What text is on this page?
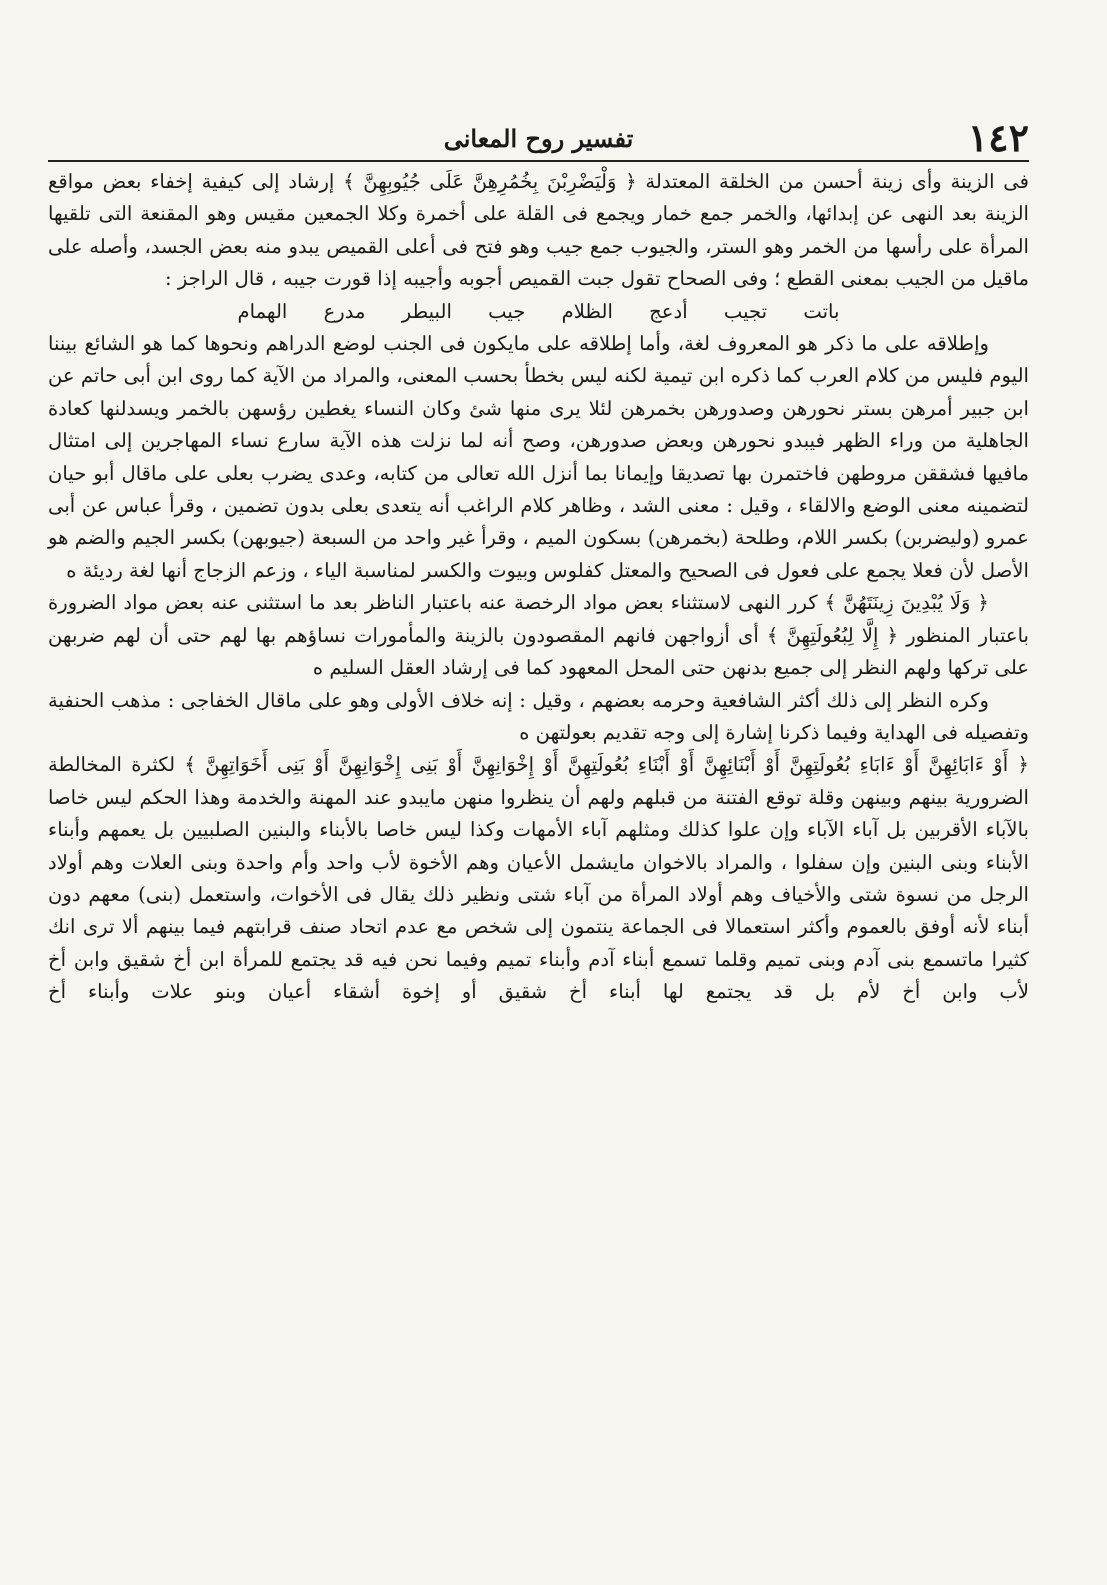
١٤٢
تفسير روح المعانى

فى الزينة وأى زينة أحسن من الخلقة المعتدلة ﴿ وَلْيَضْرِبْنَ بِخُمُرِهِنَّ عَلَى جُيُوبِهِنَّ ﴾ إرشاد إلى كيفية إخفاء بعض مواقع الزينة بعد النهى عن إبدائها، والخمر جمع خمار ويجمع فى القلة على أخمرة وكلا الجمعين مقيس وهو المقنعة التى تلقيها المرأة على رأسها من الخمر وهو الستر، والجيوب جمع جيب وهو فتح فى أعلى القميص يبدو منه بعض الجسد، وأصله على ماقيل من الجيب بمعنى القطع ؛ وفى الصحاح تقول جبت القميص أجوبه وأجيبه إذا قورت جيبه ، قال الراجز :

باتت تجيب أدعج الظلام جيب البيطر مدرع الهمام

وإطلاقه على ما ذكر هو المعروف لغة، وأما إطلاقه على مايكون فى الجنب لوضع الدراهم ونحوها كما هو الشائع بيننا اليوم فليس من كلام العرب كما ذكره ابن تيمية لكنه ليس بخطأ بحسب المعنى، والمراد من الآية كما روى ابن أبى حاتم عن ابن جبير أمرهن بستر نحورهن وصدورهن بخمرهن لئلا يرى منها شئ وكان النساء يغطين رؤسهن بالخمر ويسدلنها كعادة الجاهلية من وراء الظهر فيبدو نحورهن وبعض صدورهن، وصح أنه لما نزلت هذه الآية سارع نساء المهاجرين إلى امتثال مافيها فشققن مروطهن فاختمرن بها تصديقا وإيمانا بما أنزل الله تعالى من كتابه، وعدى يضرب بعلى على ماقال أبو حيان لتضمينه معنى الوضع والالقاء ، وقيل : معنى الشد ، وظاهر كلام الراغب أنه يتعدى بعلى بدون تضمين ، وقرأ عباس عن أبى عمرو (وليضربن) بكسر اللام، وطلحة (بخمرهن) بسكون الميم ، وقرأ غير واحد من السبعة (جيوبهن) بكسر الجيم والضم هو الأصل لأن فعلا يجمع على فعول فى الصحيح والمعتل كفلوس وبيوت والكسر لمناسبة الياء ، وزعم الزجاج أنها لغة رديئة ه

﴿ وَلَا يُبْدِينَ زِينَتَهُنَّ ﴾ كرر النهى لاستثناء بعض مواد الرخصة عنه باعتبار الناظر بعد ما استثنى عنه بعض مواد الضرورة باعتبار المنظور ﴿ إِلَّا لِبُعُولَتِهِنَّ ﴾ أى أزواجهن فانهم المقصودون بالزينة والمأمورات نساؤهم بها لهم حتى أن لهم ضربهن على تركها ولهم النظر إلى جميع بدنهن حتى المحل المعهود كما فى إرشاد العقل السليم ه

وكره النظر إلى ذلك أكثر الشافعية وحرمه بعضهم ، وقيل : إنه خلاف الأولى وهو على ماقال الخفاجى : مذهب الحنفية وتفصيله فى الهداية وفيما ذكرنا إشارة إلى وجه تقديم بعولتهن ه

﴿ أَوْ ءَابَائِهِنَّ أَوْ ءَابَاءِ بُعُولَتِهِنَّ أَوْ أَبْنَائِهِنَّ أَوْ أَبْنَاءِ بُعُولَتِهِنَّ أَوْ إِخْوَانِهِنَّ أَوْ بَنِى إِخْوَانِهِنَّ أَوْ بَنِى أَخَوَاتِهِنَّ ﴾ لكثرة المخالطة الضرورية بينهم وبينهن وقلة توقع الفتنة من قبلهم ولهم أن ينظروا منهن مايبدو عند المهنة والخدمة وهذا الحكم ليس خاصا بالآباء الأقربين بل آباء الآباء وإن علوا كذلك ومثلهم آباء الأمهات وكذا ليس خاصا بالأبناء والبنين الصلبيين بل يعمهم وأبناء الأبناء وبنى البنين وإن سفلوا ، والمراد بالاخوان مايشمل الأعيان وهم الأخوة لأب واحد وأم واحدة وبنى العلات وهم أولاد الرجل من نسوة شتى والأخياف وهم أولاد المرأة من آباء شتى ونظير ذلك يقال فى الأخوات، واستعمل (بنى) معهم دون أبناء لأنه أوفق بالعموم وأكثر استعمالا فى الجماعة ينتمون إلى شخص مع عدم اتحاد صنف قرابتهم فيما بينهم ألا ترى انك كثيرا ماتسمع بنى آدم وبنى تميم وقلما تسمع أبناء آدم وأبناء تميم وفيما نحن فيه قد يجتمع للمرأة ابن أخ شقيق وابن أخ لأب وابن أخ لأم بل قد يجتمع لها أبناء أخ شقيق أو إخوة أشقاء أعيان وبنو علات وأبناء أخ
